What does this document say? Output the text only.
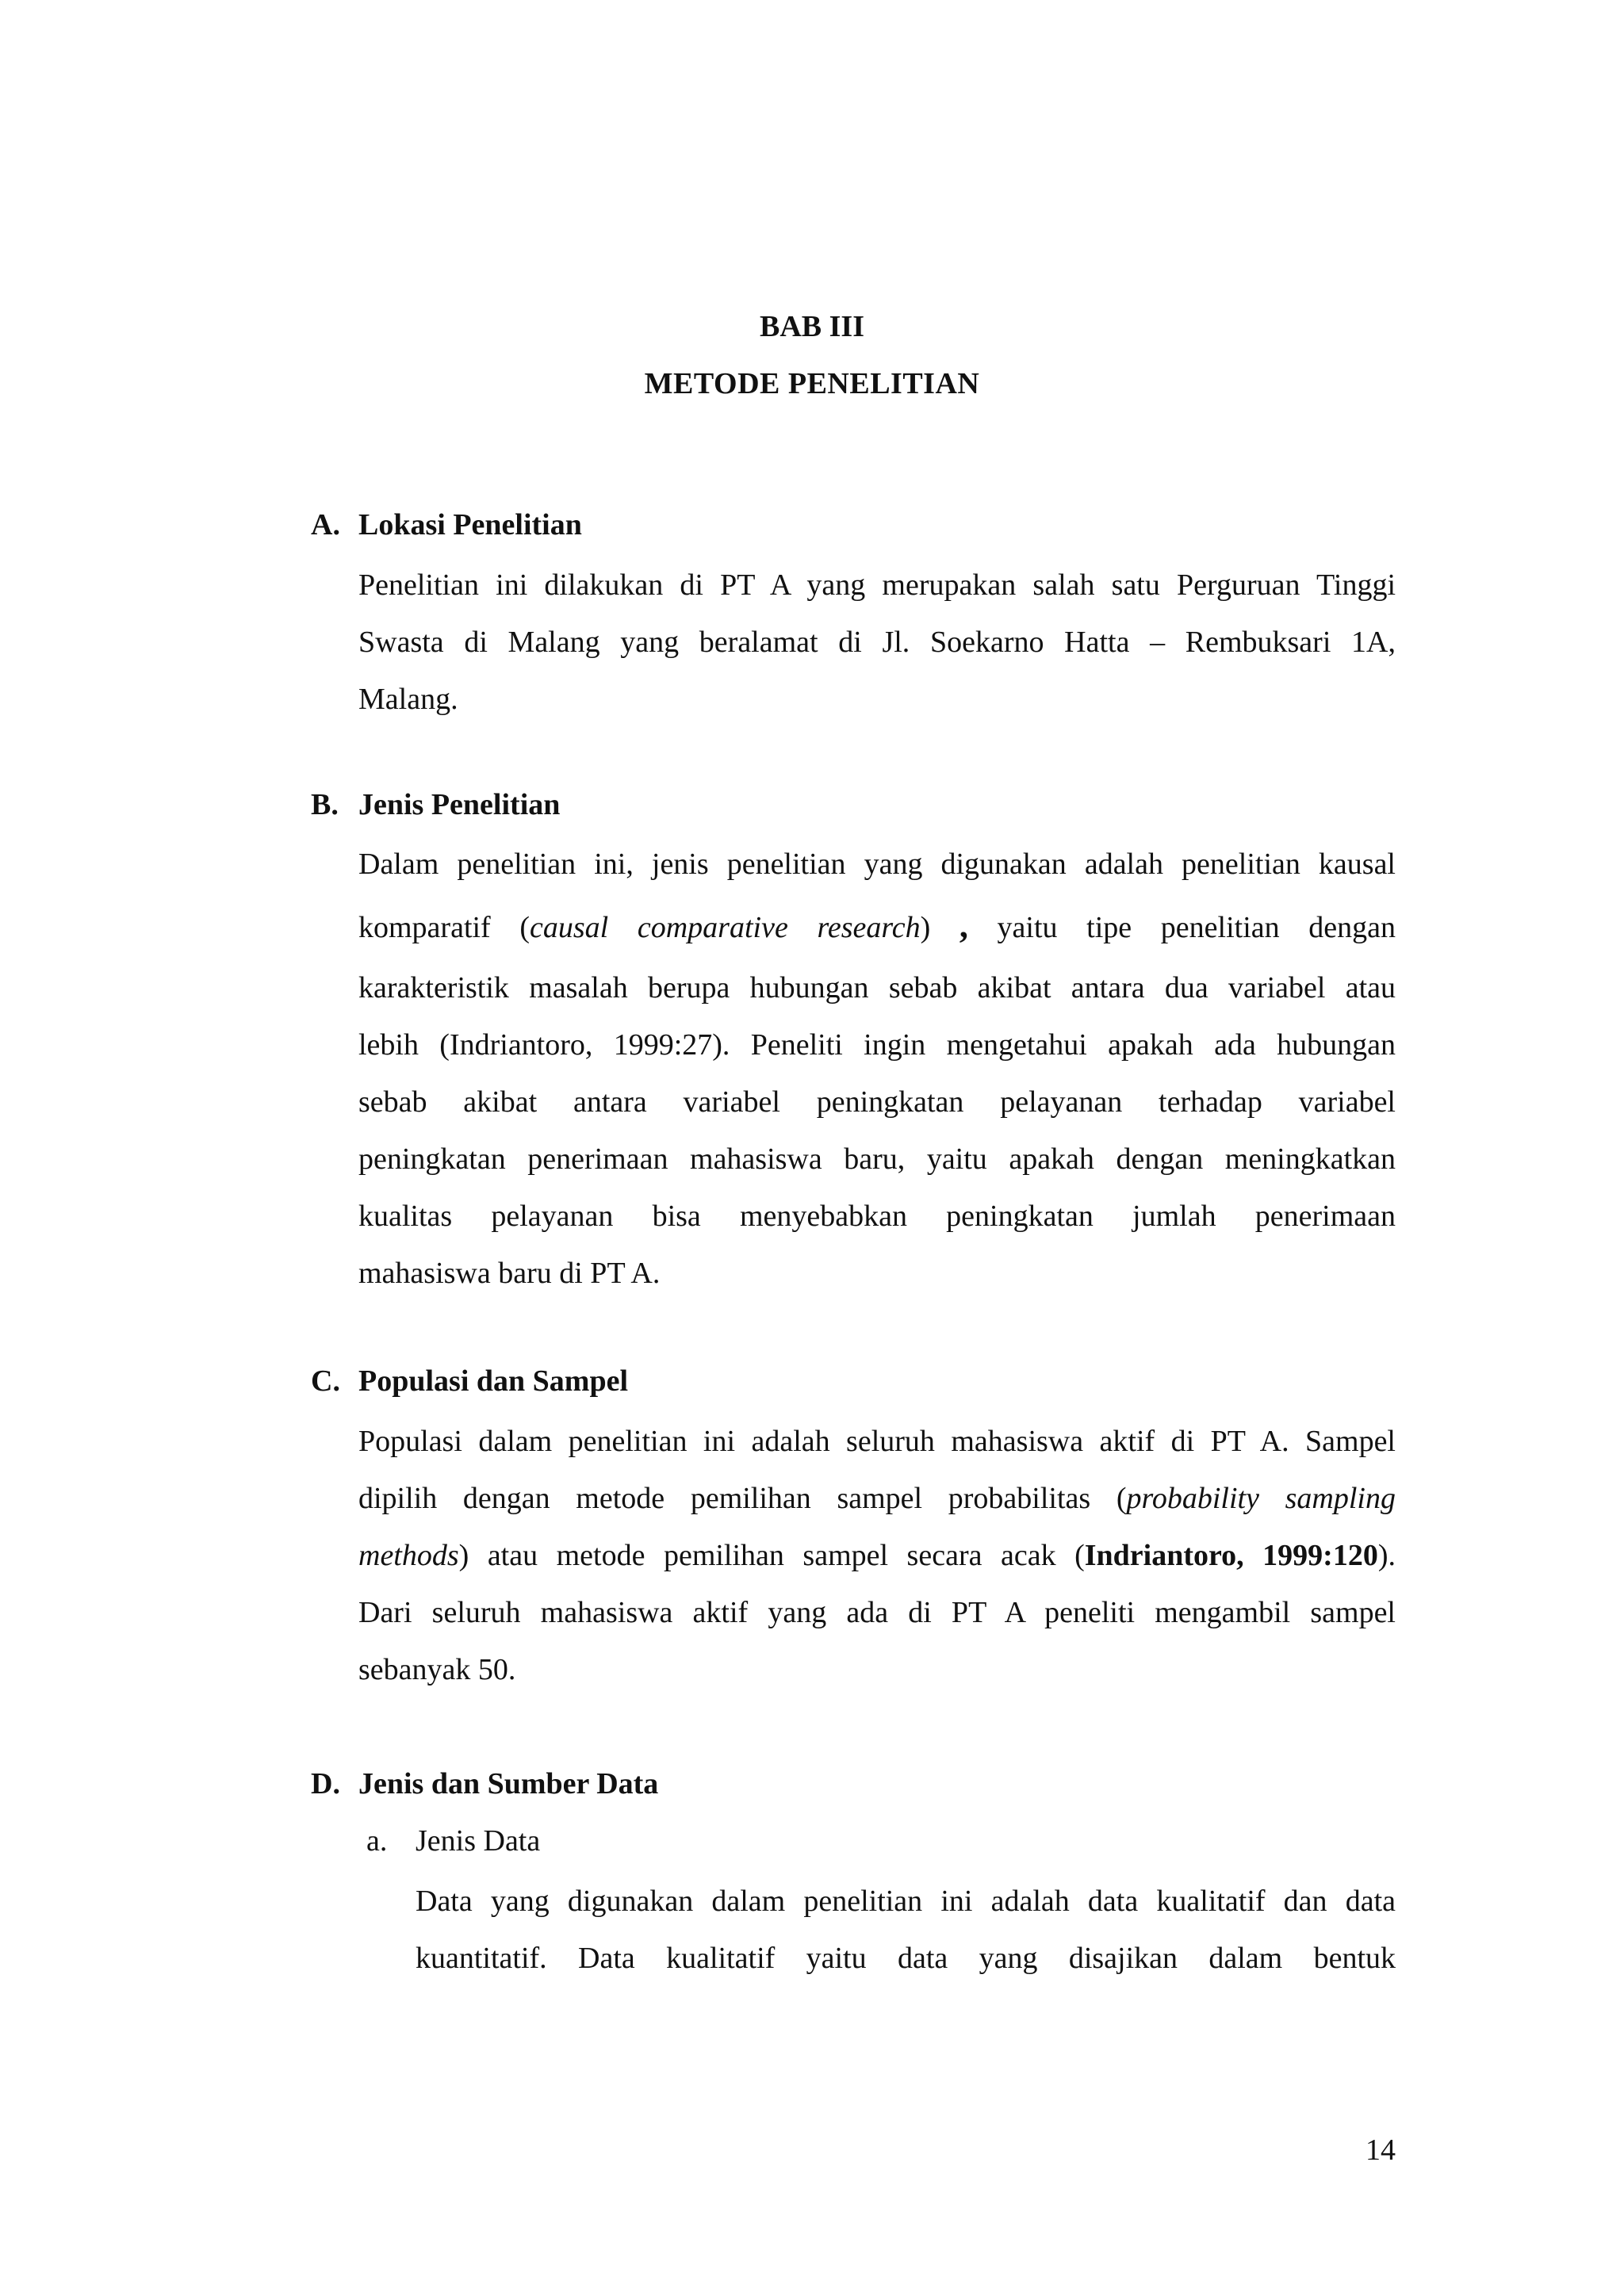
BAB III

METODE PENELITIAN

A. Lokasi Penelitian

Penelitian ini dilakukan di PT A yang merupakan salah satu Perguruan Tinggi
Swasta di Malang yang beralamat di Jl. Soekarno Hatta – Rembuksari 1A,
Malang.

B. Jenis Penelitian

Dalam penelitian ini, jenis penelitian yang digunakan adalah penelitian kausal
komparatif (causal comparative research) , yaitu tipe penelitian dengan
karakteristik masalah berupa hubungan sebab akibat antara dua variabel atau
lebih (Indriantoro, 1999:27). Peneliti ingin mengetahui apakah ada hubungan
sebab akibat antara variabel peningkatan pelayanan terhadap variabel
peningkatan penerimaan mahasiswa baru, yaitu apakah dengan meningkatkan
kualitas pelayanan bisa menyebabkan peningkatan jumlah penerimaan
mahasiswa baru di PT A.

C. Populasi dan Sampel

Populasi dalam penelitian ini adalah seluruh mahasiswa aktif di PT A. Sampel
dipilih dengan metode pemilihan sampel probabilitas (probability sampling
methods) atau metode pemilihan sampel secara acak (Indriantoro, 1999:120).
Dari seluruh mahasiswa aktif yang ada di PT A peneliti mengambil sampel
sebanyak 50.

D. Jenis dan Sumber Data

a. Jenis Data

Data yang digunakan dalam penelitian ini adalah data kualitatif dan data
kuantitatif. Data kualitatif yaitu data yang disajikan dalam bentuk
14
